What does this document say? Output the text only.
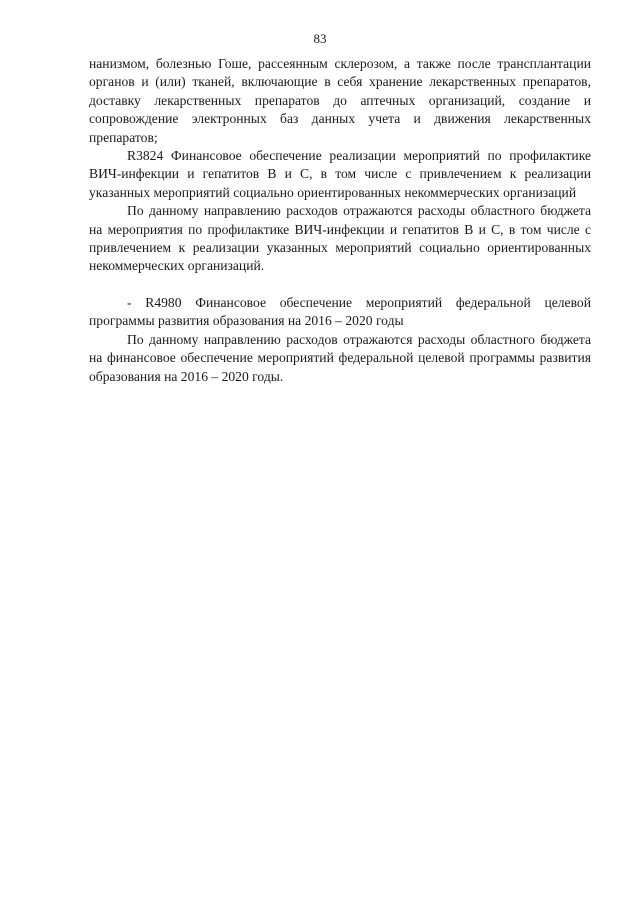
83

нанизмом, болезнью Гоше, рассеянным склерозом, а также после трансплантации органов и (или) тканей, включающие в себя хранение лекарственных препаратов, доставку лекарственных препаратов до аптечных организаций, создание и сопровождение электронных баз данных учета и движения лекарственных препаратов;

R3824 Финансовое обеспечение реализации мероприятий по профилактике ВИЧ-инфекции и гепатитов В и С, в том числе с привлечением к реализации указанных мероприятий социально ориентированных некоммерческих организаций

По данному направлению расходов отражаются расходы областного бюджета на мероприятия по профилактике ВИЧ-инфекции и гепатитов В и С, в том числе с привлечением к реализации указанных мероприятий социально ориентированных некоммерческих организаций.

- R4980 Финансовое обеспечение мероприятий федеральной целевой программы развития образования на 2016 – 2020 годы

По данному направлению расходов отражаются расходы областного бюджета на финансовое обеспечение мероприятий федеральной целевой программы развития образования на 2016 – 2020 годы.
